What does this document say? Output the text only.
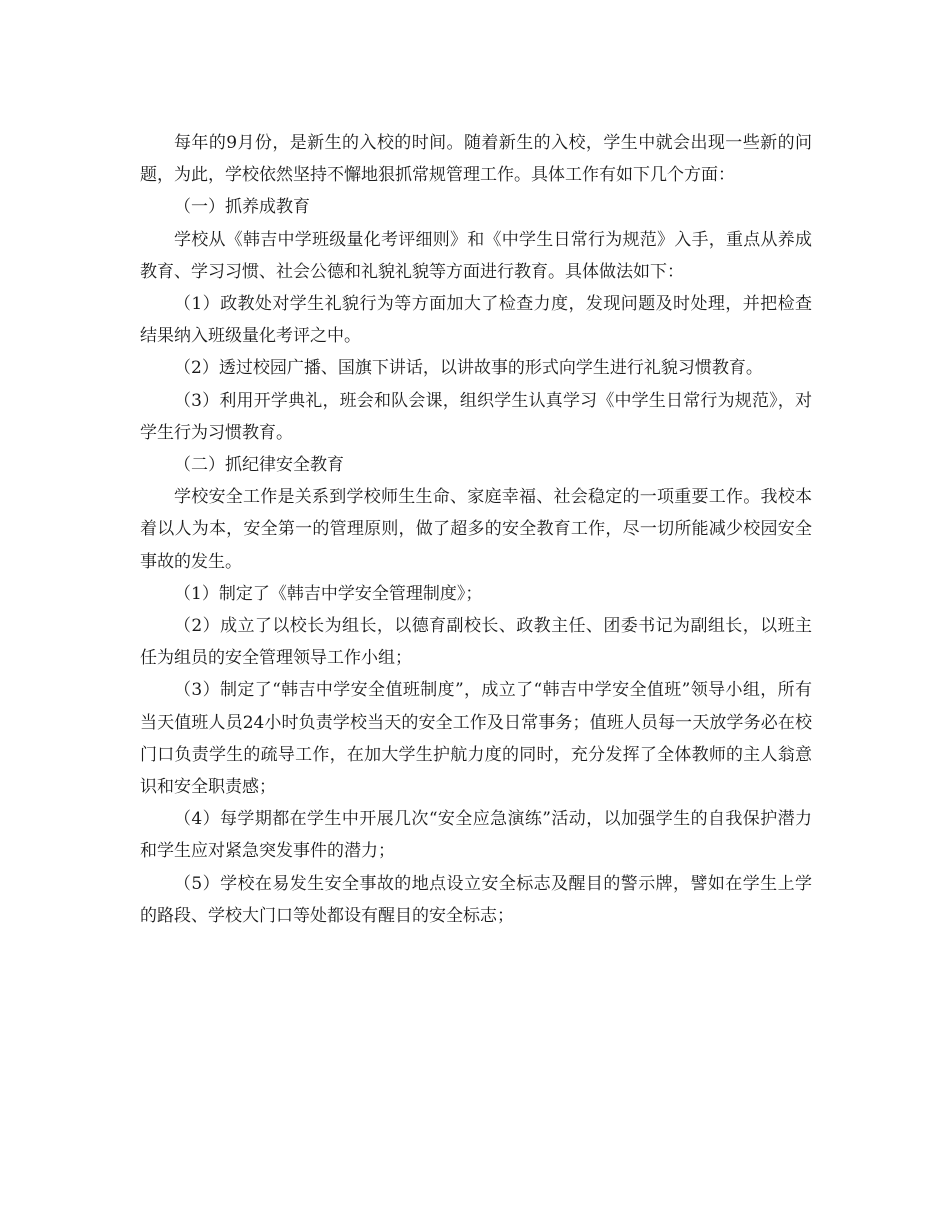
每年的9月份，是新生的入校的时间。随着新生的入校，学生中就会出现一些新的问题，为此，学校依然坚持不懈地狠抓常规管理工作。具体工作有如下几个方面：

（一）抓养成教育

学校从《韩吉中学班级量化考评细则》和《中学生日常行为规范》入手，重点从养成教育、学习习惯、社会公德和礼貌礼貌等方面进行教育。具体做法如下：

（1）政教处对学生礼貌行为等方面加大了检查力度，发现问题及时处理，并把检查结果纳入班级量化考评之中。

（2）透过校园广播、国旗下讲话，以讲故事的形式向学生进行礼貌习惯教育。

（3）利用开学典礼，班会和队会课，组织学生认真学习《中学生日常行为规范》，对学生行为习惯教育。

（二）抓纪律安全教育

学校安全工作是关系到学校师生生命、家庭幸福、社会稳定的一项重要工作。我校本着以人为本，安全第一的管理原则，做了超多的安全教育工作，尽一切所能减少校园安全事故的发生。

（1）制定了《韩吉中学安全管理制度》；

（2）成立了以校长为组长，以德育副校长、政教主任、团委书记为副组长，以班主任为组员的安全管理领导工作小组；

（3）制定了“韩吉中学安全值班制度”，成立了“韩吉中学安全值班”领导小组，所有当天值班人员24小时负责学校当天的安全工作及日常事务；值班人员每一天放学务必在校门口负责学生的疏导工作，在加大学生护航力度的同时，充分发挥了全体教师的主人翁意识和安全职责感；

（4）每学期都在学生中开展几次“安全应急演练”活动，以加强学生的自我保护潜力和学生应对紧急突发事件的潜力；

（5）学校在易发生安全事故的地点设立安全标志及醒目的警示牌，譬如在学生上学的路段、学校大门口等处都设有醒目的安全标志；
